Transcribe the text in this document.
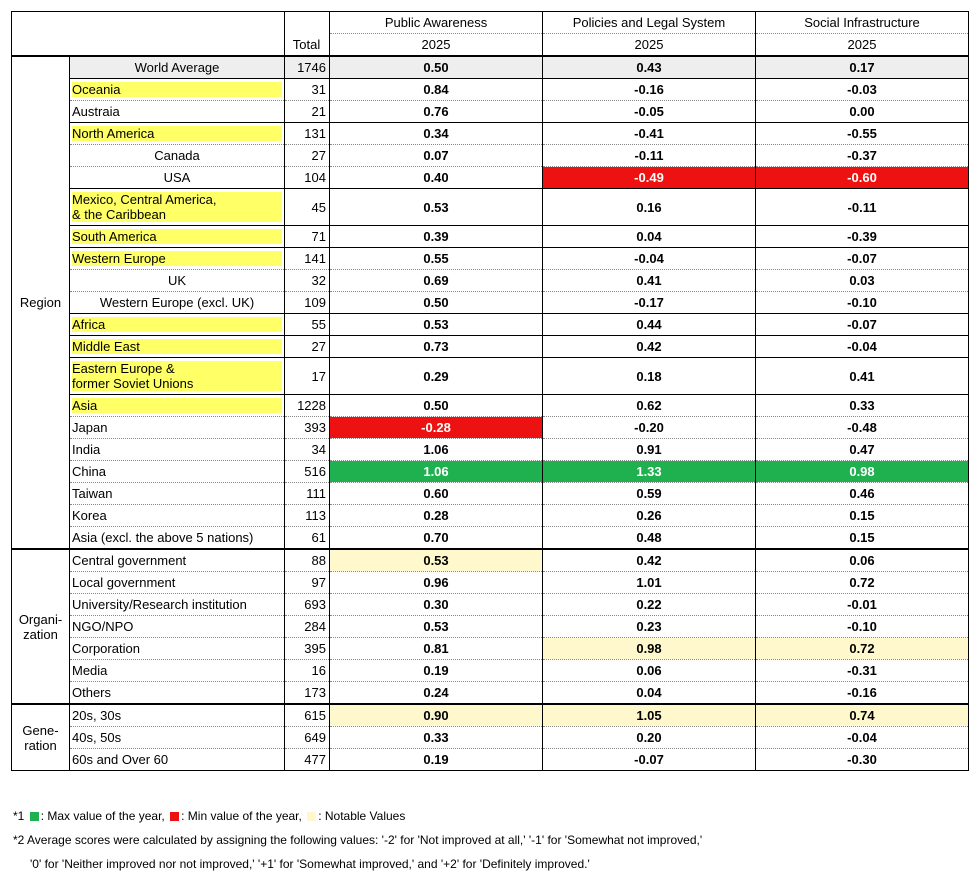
			Public Awareness	Policies and Legal System	Social Infrastructure
		Total	2025	2025	2025
Region	World Average	1746	0.50	0.43	0.17

	Oceania	31	0.84	-0.16	-0.03
	Austraia	21	0.76	-0.05	0.00

	North America	131	0.34	-0.41	-0.55
	Canada	27	0.07	-0.11	-0.37
	USA	104	0.40	-0.49	-0.60

	Mexico, Central America,
& the Caribbean	45	0.53	0.16	-0.11

	South America	71	0.39	0.04	-0.39

	Western Europe	141	0.55	-0.04	-0.07
	UK	32	0.69	0.41	0.03
	Western Europe (excl. UK)	109	0.50	-0.17	-0.10

	Africa	55	0.53	0.44	-0.07

	Middle East	27	0.73	0.42	-0.04

	Eastern Europe &
former Soviet Unions	17	0.29	0.18	0.41

	Asia	1228	0.50	0.62	0.33
	Japan	393	-0.28	-0.20	-0.48
	India	34	1.06	0.91	0.47
	China	516	1.06	1.33	0.98
	Taiwan	111	0.60	0.59	0.46
	Korea	113	0.28	0.26	0.15
	Asia (excl. the above 5 nations)	61	0.70	0.48	0.15
Organi-
zation	Central government	88	0.53	0.42	0.06
	Local government	97	0.96	1.01	0.72
	University/Research institution	693	0.30	0.22	-0.01
	NGO/NPO	284	0.53	0.23	-0.10
	Corporation	395	0.81	0.98	0.72
	Media	16	0.19	0.06	-0.31
	Others	173	0.24	0.04	-0.16
Gene-
ration	20s, 30s	615	0.90	1.05	0.74
	40s, 50s	649	0.33	0.20	-0.04
	60s and Over 60	477	0.19	-0.07	-0.30
*1 : Max value of the year, : Min value of the year, : Notable Values
*2 Average scores were calculated by assigning the following values: '-2' for 'Not improved at all,' '-1' for 'Somewhat not improved,'
'0' for 'Neither improved nor not improved,' '+1' for 'Somewhat improved,' and '+2' for 'Definitely improved.'
